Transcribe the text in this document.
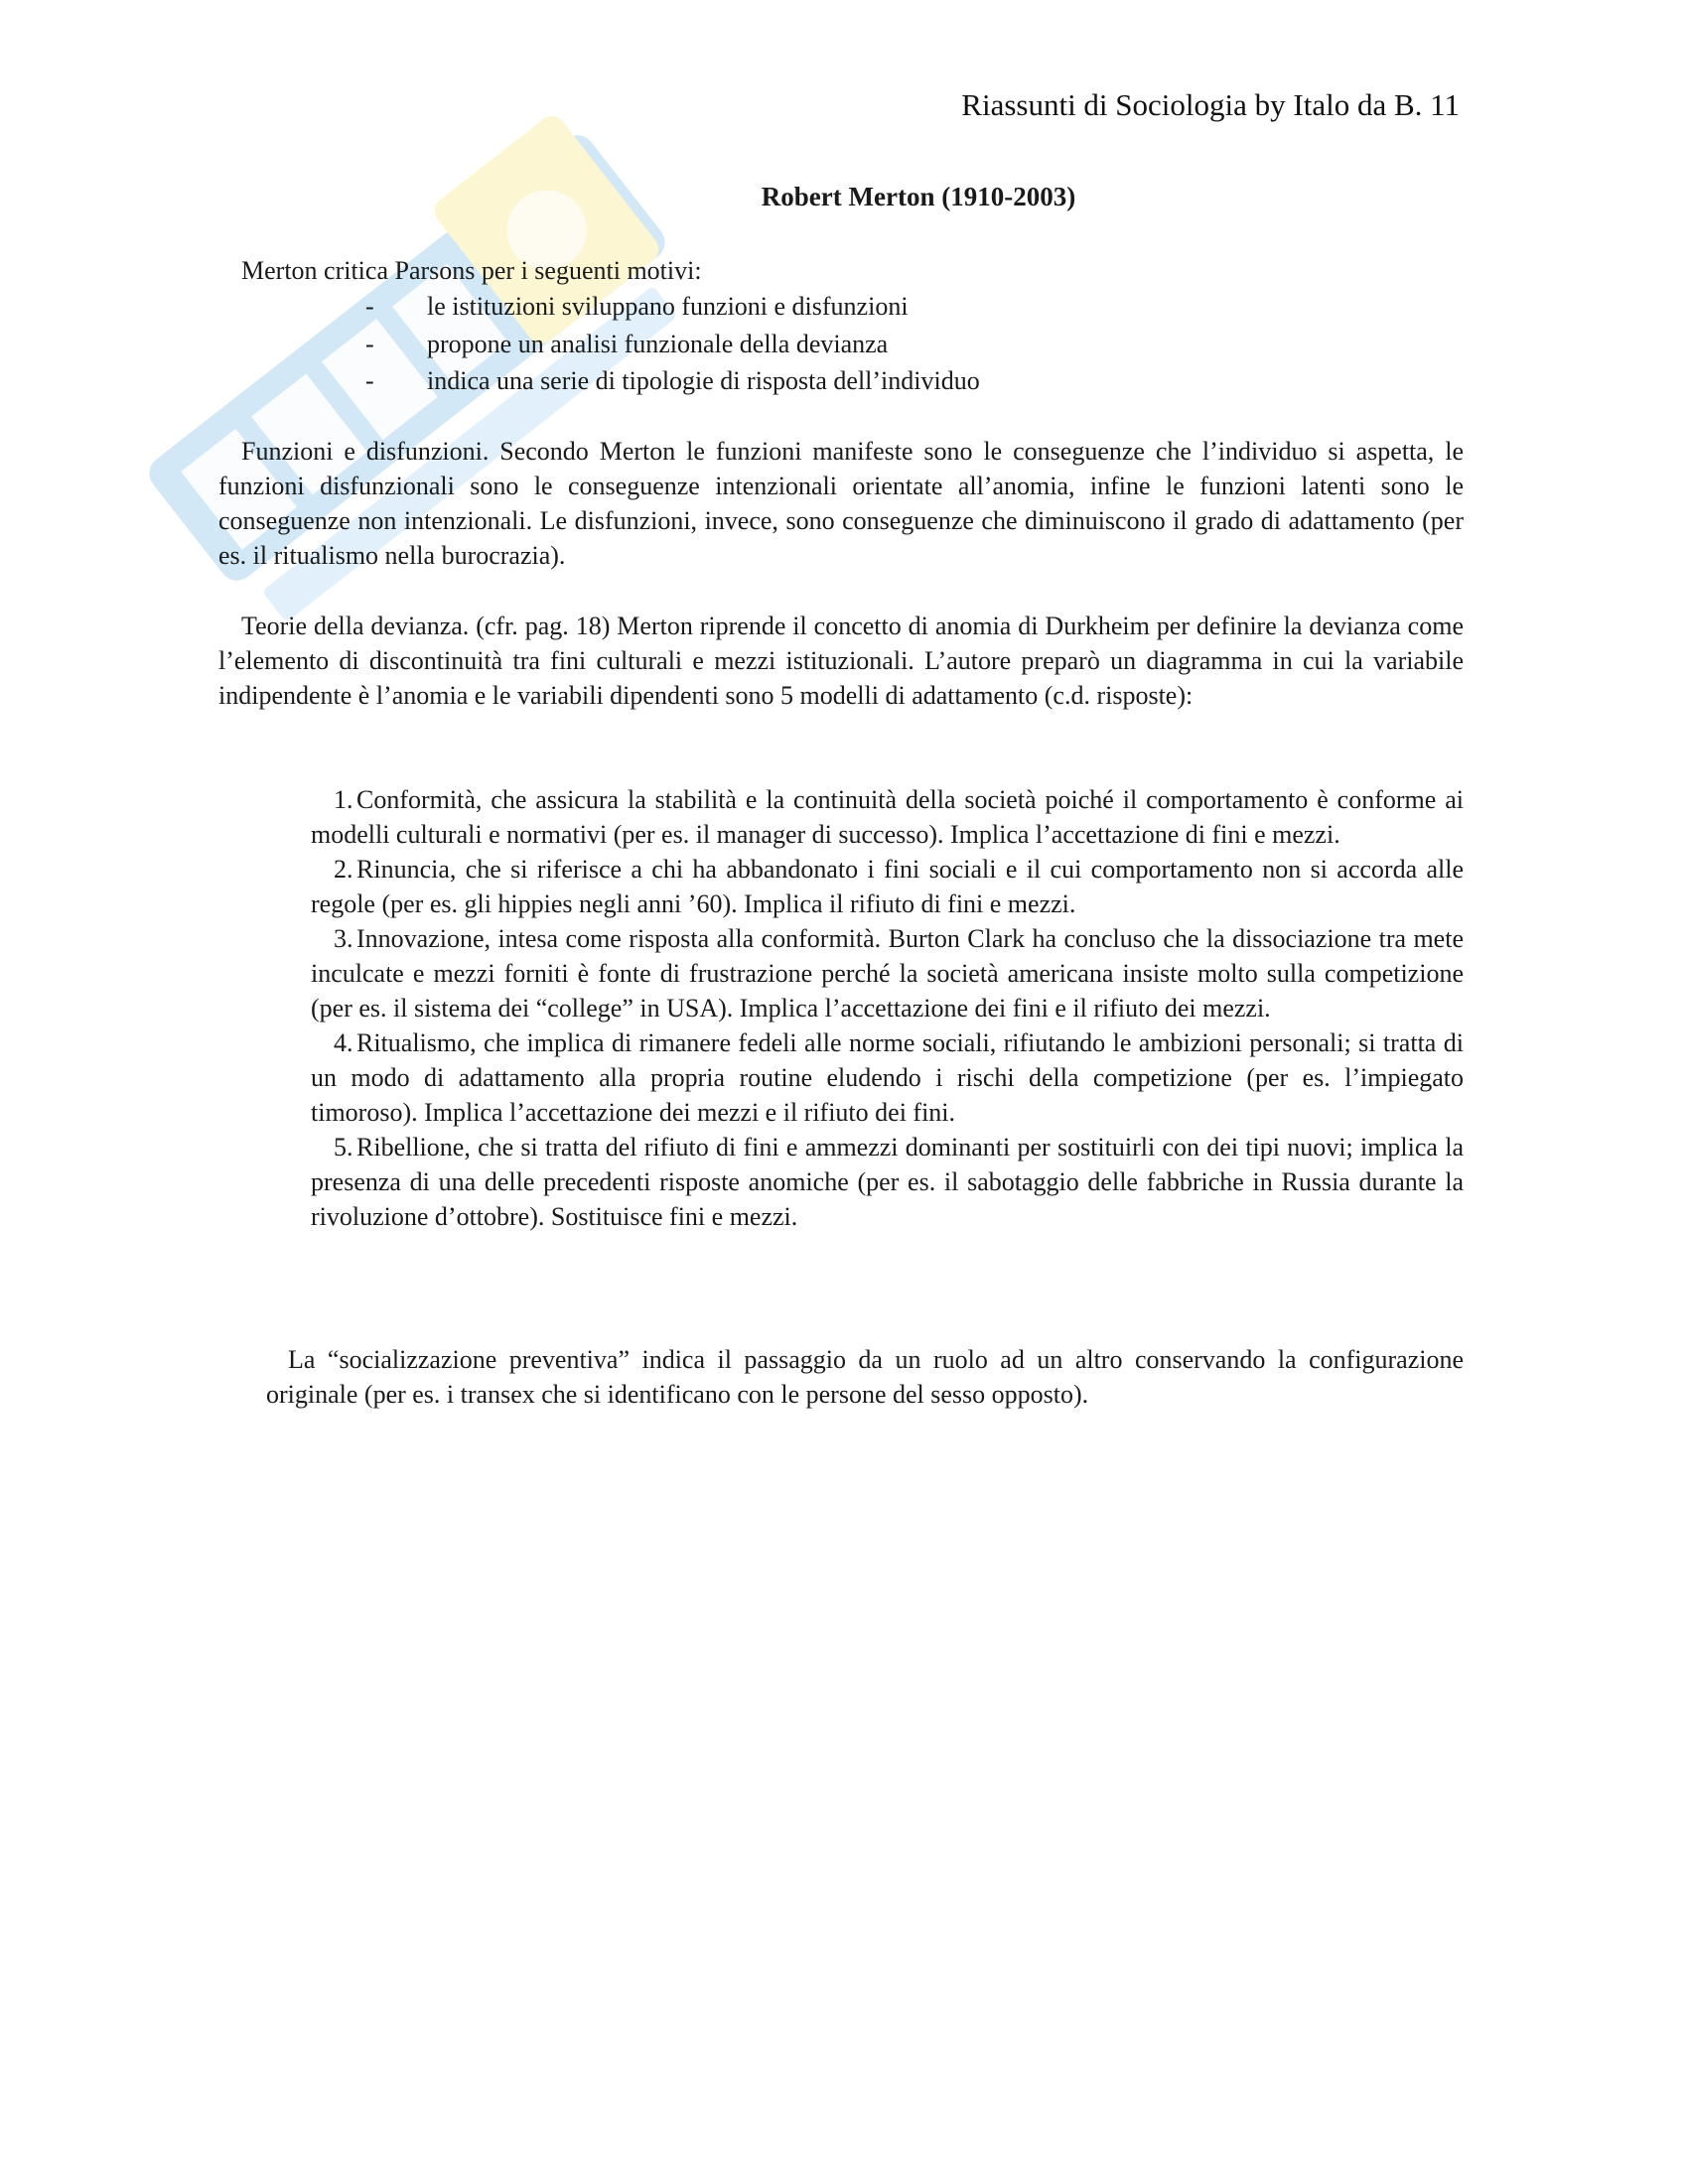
Riassunti di Sociologia by Italo da B. 11
Robert Merton (1910-2003)
Merton critica Parsons per i seguenti motivi:
- le istituzioni sviluppano funzioni e disfunzioni
- propone un analisi funzionale della devianza
- indica una serie di tipologie di risposta dell’individuo
Funzioni e disfunzioni. Secondo Merton le funzioni manifeste sono le conseguenze che l’individuo si aspetta, le funzioni disfunzionali sono le conseguenze intenzionali orientate all’anomia, infine le funzioni latenti sono le conseguenze non intenzionali. Le disfunzioni, invece, sono conseguenze che diminuiscono il grado di adattamento (per es. il ritualismo nella burocrazia).
Teorie della devianza. (cfr. pag. 18) Merton riprende il concetto di anomia di Durkheim per definire la devianza come l’elemento di discontinuità tra fini culturali e mezzi istituzionali. L’autore preparò un diagramma in cui la variabile indipendente è l’anomia e le variabili dipendenti sono 5 modelli di adattamento (c.d. risposte):
1. Conformità, che assicura la stabilità e la continuità della società poiché il comportamento è conforme ai modelli culturali e normativi (per es. il manager di successo). Implica l’accettazione di fini e mezzi.
2. Rinuncia, che si riferisce a chi ha abbandonato i fini sociali e il cui comportamento non si accorda alle regole (per es. gli hippies negli anni ’60). Implica il rifiuto di fini e mezzi.
3. Innovazione, intesa come risposta alla conformità. Burton Clark ha concluso che la dissociazione tra mete inculcate e mezzi forniti è fonte di frustrazione perché la società americana insiste molto sulla competizione (per es. il sistema dei “college” in USA). Implica l’accettazione dei fini e il rifiuto dei mezzi.
4. Ritualismo, che implica di rimanere fedeli alle norme sociali, rifiutando le ambizioni personali; si tratta di un modo di adattamento alla propria routine eludendo i rischi della competizione (per es. l’impiegato timoroso). Implica l’accettazione dei mezzi e il rifiuto dei fini.
5. Ribellione, che si tratta del rifiuto di fini e ammezzi dominanti per sostituirli con dei tipi nuovi; implica la presenza di una delle precedenti risposte anomiche (per es. il sabotaggio delle fabbriche in Russia durante la rivoluzione d’ottobre). Sostituisce fini e mezzi.
La “socializzazione preventiva” indica il passaggio da un ruolo ad un altro conservando la configurazione originale (per es. i transex che si identificano con le persone del sesso opposto).
